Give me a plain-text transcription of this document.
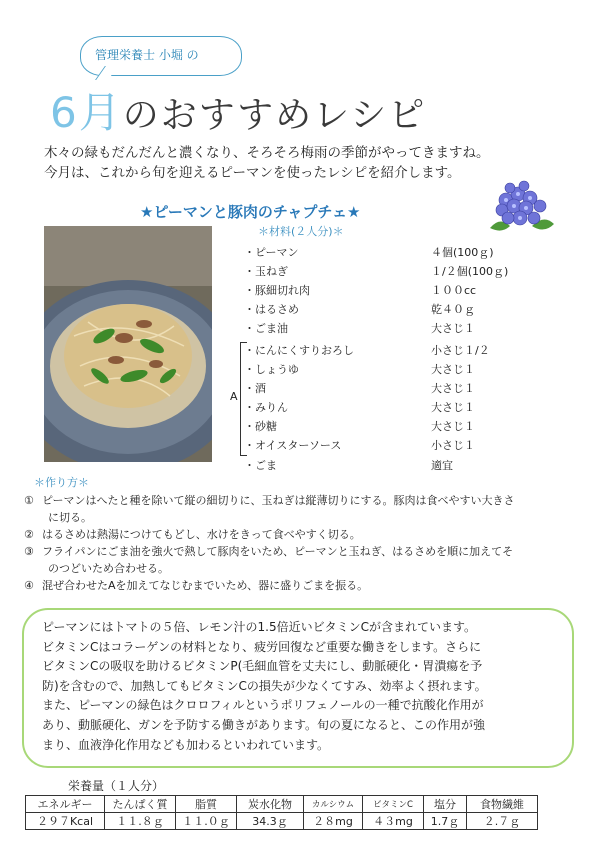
管理栄養士 小堀 の
6月のおすすめレシピ
木々の緑もだんだんと濃くなり、そろそろ梅雨の季節がやってきますね。
今月は、これから旬を迎えるピーマンを使ったレシピを紹介します。
★ピーマンと豚肉のチャプチェ★
＊材料(２人分)＊
・ピーマン	４個(100ｇ)
・玉ねぎ	１/２個(100ｇ)
・豚細切れ肉	１００cc
・はるさめ	乾４０ｇ
・ごま油	大さじ１
・にんにくすりおろし	小さじ１/２
・しょうゆ	大さじ１
・酒	大さじ１
・みりん	大さじ１
・砂糖	大さじ１
・オイスターソース	小さじ１
・ごま	適宜
A
＊作り方＊
① ピーマンはへたと種を除いて縦の細切りに、玉ねぎは縦薄切りにする。豚肉は食べやすい大きさ
に切る。
② はるさめは熱湯につけてもどし、水けをきって食べやすく切る。
③ フライパンにごま油を強火で熱して豚肉をいため、ピーマンと玉ねぎ、はるさめを順に加えてそ
のつどいため合わせる。
④ 混ぜ合わせたAを加えてなじむまでいため、器に盛りごまを振る。
ピーマンにはトマトの５倍、レモン汁の1.5倍近いビタミンCが含まれています。
ビタミンCはコラーゲンの材料となり、疲労回復など重要な働きをします。さらに
ビタミンCの吸収を助けるビタミンP(毛細血管を丈夫にし、動脈硬化・胃潰瘍を予
防)を含むので、加熱してもビタミンCの損失が少なくてすみ、効率よく摂れます。
また、ピーマンの緑色はクロロフィルというポリフェノールの一種で抗酸化作用が
あり、動脈硬化、ガンを予防する働きがあります。旬の夏になると、この作用が強
まり、血液浄化作用なども加わるといわれています。
栄養量（１人分）
エネルギー	たんぱく質	脂質	炭水化物	カルシウム	ビタミンC	塩分	食物繊維
２９７Kcal	１１.８ｇ	１１.０ｇ	34.3ｇ	２８mg	４３mg	1.7ｇ	２.７ｇ
